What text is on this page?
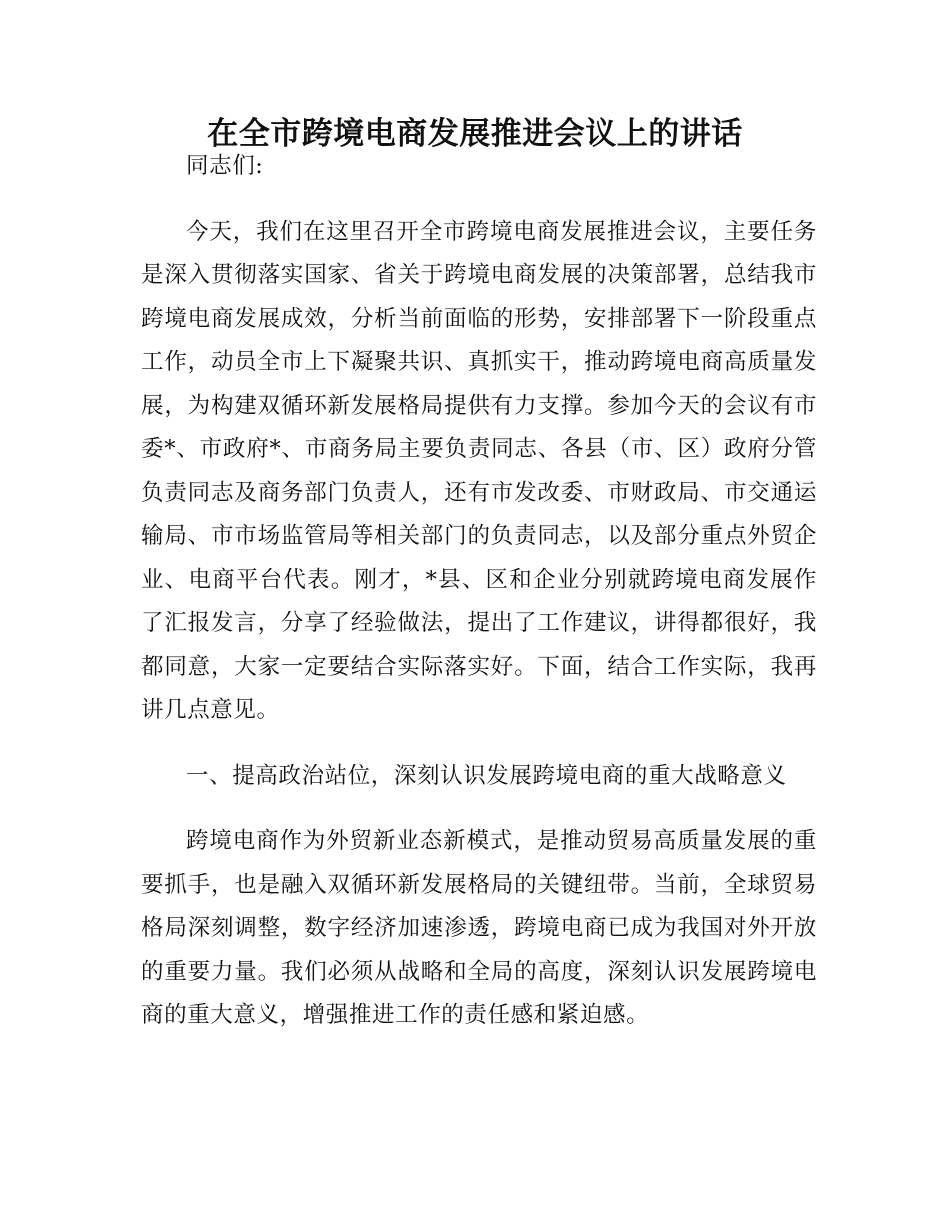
在全市跨境电商发展推进会议上的讲话

同志们:

今天，我们在这里召开全市跨境电商发展推进会议，主要任务是深入贯彻落实国家、省关于跨境电商发展的决策部署，总结我市跨境电商发展成效，分析当前面临的形势，安排部署下一阶段重点工作，动员全市上下凝聚共识、真抓实干，推动跨境电商高质量发展，为构建双循环新发展格局提供有力支撑。参加今天的会议有市委*、市政府*、市商务局主要负责同志、各县（市、区）政府分管负责同志及商务部门负责人，还有市发改委、市财政局、市交通运输局、市市场监管局等相关部门的负责同志，以及部分重点外贸企业、电商平台代表。刚才，*县、区和企业分别就跨境电商发展作了汇报发言，分享了经验做法，提出了工作建议，讲得都很好，我都同意，大家一定要结合实际落实好。下面，结合工作实际，我再讲几点意见。

一、提高政治站位，深刻认识发展跨境电商的重大战略意义

跨境电商作为外贸新业态新模式，是推动贸易高质量发展的重要抓手，也是融入双循环新发展格局的关键纽带。当前，全球贸易格局深刻调整，数字经济加速渗透，跨境电商已成为我国对外开放的重要力量。我们必须从战略和全局的高度，深刻认识发展跨境电商的重大意义，增强推进工作的责任感和紧迫感。
